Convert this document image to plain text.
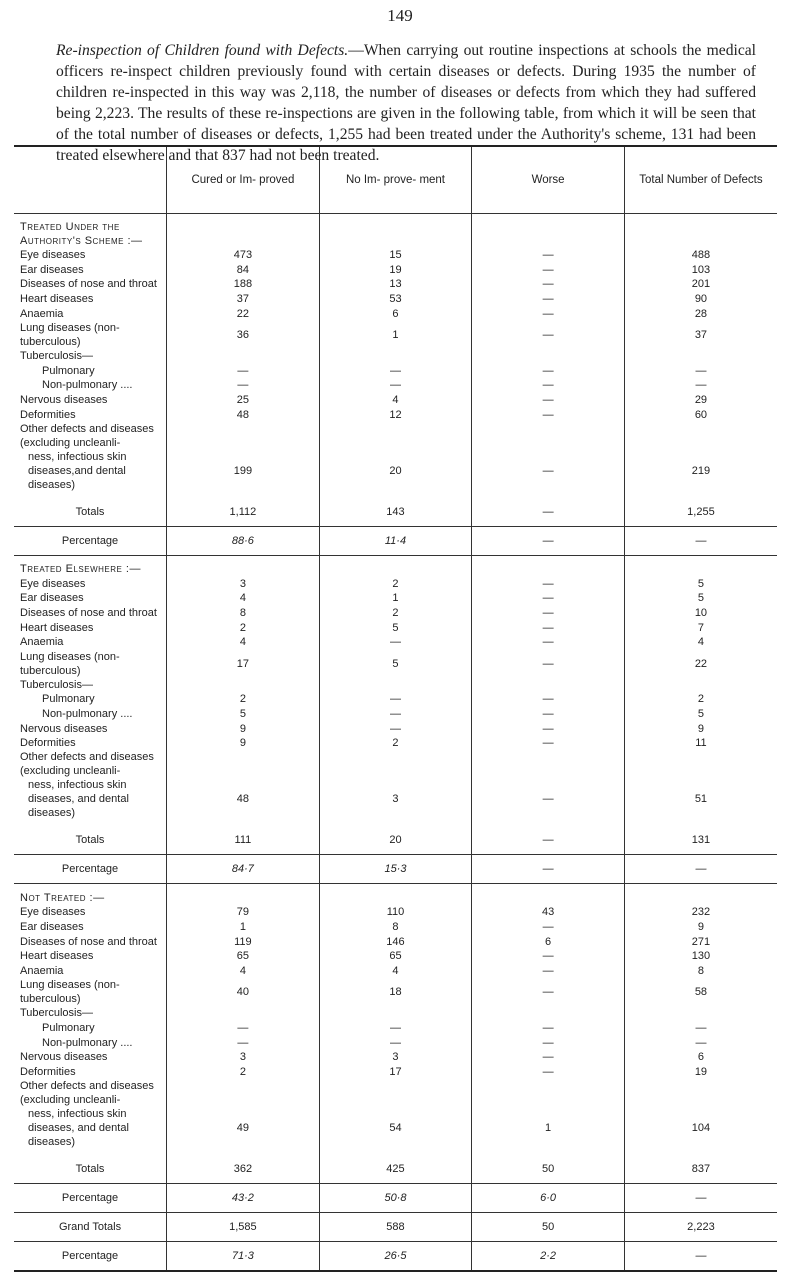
149
Re-inspection of Children found with Defects.—When carrying out routine inspections at schools the medical officers re-inspect children previously found with certain diseases or defects. During 1935 the number of children re-inspected in this way was 2,118, the number of diseases or defects from which they had suffered being 2,223. The results of these re-inspections are given in the following table, from which it will be seen that of the total number of diseases or defects, 1,255 had been treated under the Authority's scheme, 131 had been treated elsewhere and that 837 had not been treated.
	Cured or Im- proved	No Im- prove- ment	Worse	Total Number of Defects
Treated Under the Authority's Scheme :—				
Eye diseases	473	15	—	488
Ear diseases	84	19	—	103
Diseases of nose and throat	188	13	—	201
Heart diseases	37	53	—	90
Anaemia	22	6	—	28
Lung diseases (non-tuberculous)	36	1	—	37
Tuberculosis—				
Pulmonary	—	—	—	—
Non-pulmonary ....	—	—	—	—
Nervous diseases	25	4	—	29
Deformities	48	12	—	60
Other defects and diseases (excluding uncleanli-				
ness, infectious skin diseases,and dental diseases)	199	20	—	219

Totals	1,112	143	—	1,255
Percentage	88·6	11·4	—	—
Treated Elsewhere :—				
Eye diseases	3	2	—	5
Ear diseases	4	1	—	5
Diseases of nose and throat	8	2	—	10
Heart diseases	2	5	—	7
Anaemia	4	—	—	4
Lung diseases (non-tuberculous)	17	5	—	22
Tuberculosis—				
Pulmonary	2	—	—	2
Non-pulmonary ....	5	—	—	5
Nervous diseases	9	—	—	9
Deformities	9	2	—	11
Other defects and diseases (excluding uncleanli-				
ness, infectious skin diseases, and dental diseases)	48	3	—	51

Totals	111	20	—	131
Percentage	84·7	15·3	—	—
Not Treated :—				
Eye diseases	79	110	43	232
Ear diseases	1	8	—	9
Diseases of nose and throat	119	146	6	271
Heart diseases	65	65	—	130
Anaemia	4	4	—	8
Lung diseases (non-tuberculous)	40	18	—	58
Tuberculosis—				
Pulmonary	—	—	—	—
Non-pulmonary ....	—	—	—	—
Nervous diseases	3	3	—	6
Deformities	2	17	—	19
Other defects and diseases (excluding uncleanli-				
ness, infectious skin diseases, and dental diseases)	49	54	1	104

Totals	362	425	50	837
Percentage	43·2	50·8	6·0	—
Grand Totals	1,585	588	50	2,223
Percentage	71·3	26·5	2·2	—
